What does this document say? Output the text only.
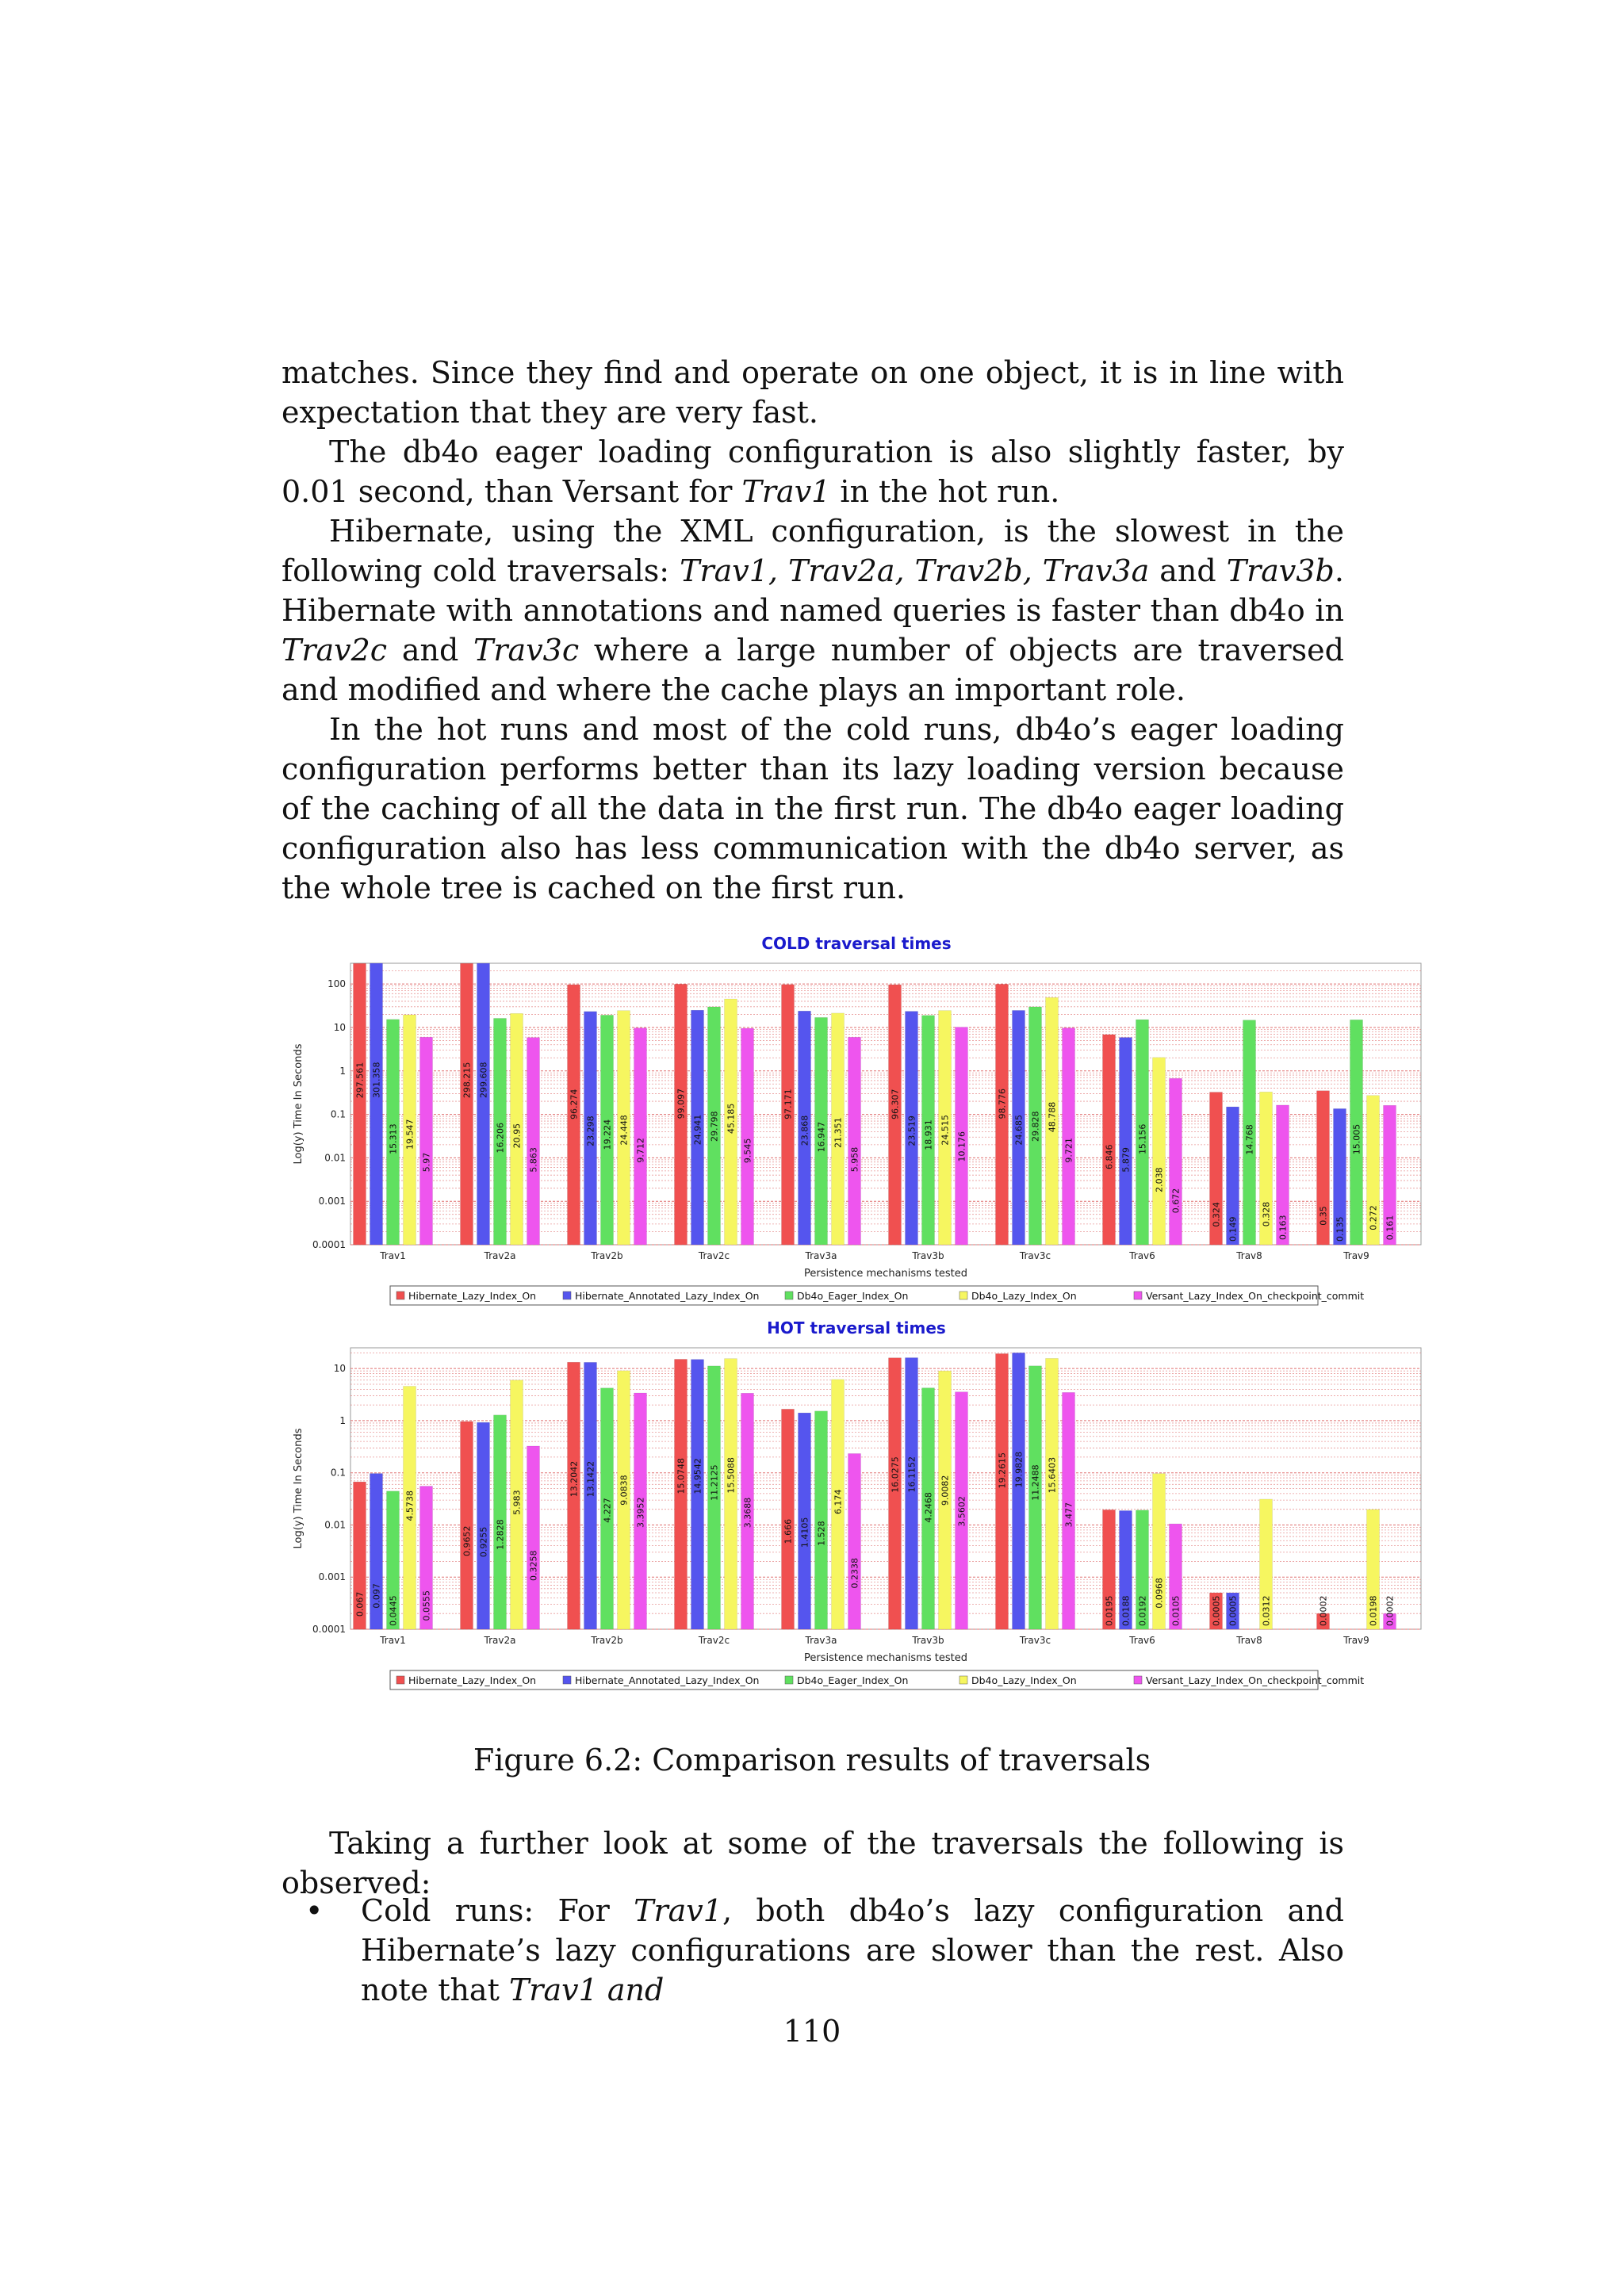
matches. Since they find and operate on one object, it is in line with expectation that they are very fast.

The db4o eager loading configuration is also slightly faster, by 0.01 second, than Versant for Trav1 in the hot run.

Hibernate, using the XML configuration, is the slowest in the following cold traversals: Trav1, Trav2a, Trav2b, Trav3a and Trav3b. Hibernate with annotations and named queries is faster than db4o in Trav2c and Trav3c where a large number of objects are traversed and modified and where the cache plays an important role.

In the hot runs and most of the cold runs, db4o’s eager loading configuration performs better than its lazy loading version because of the caching of all the data in the first run. The db4o eager loading configuration also has less communication with the db4o server, as the whole tree is cached on the first run.

COLD traversal times
100
10
1
0.1
0.01
0.001
0.0001
Log(y) Time In Seconds	297.561 301.358
15.313 19.547
5.97
Trav1
298.215 299.608
16.206 20.95
5.863
Trav2a
96.274
23.298 19.224 24.448
9.712
Trav2b
99.097
24.941 29.798 45.185
9.545
Trav2c
97.171
23.868 16.947 21.351
5.958
Trav3a
96.307
23.519 18.931 24.515
10.176
Trav3b
98.776
24.685 29.828 48.788
9.721
Trav3c
6.846 5.879
15.156
2.038
0.672
Trav6
0.324
0.149
14.768
0.328
0.163
Trav8
0.35
0.135
15.005
0.272 0.161
Trav9
Persistence mechanisms tested
Hibernate_Lazy_Index_On	Hibernate_Annotated_Lazy_Index_On	Db4o_Eager_Index_On	Db4o_Lazy_Index_On	Versant_Lazy_Index_On_checkpoint_commit
HOT traversal times
10
1
0.1
0.01
0.001
0.0001
Log(y) Time In Seconds
0.067 0.097 0.0445
4.5738
0.0555
Trav1
0.9652 0.9255 1.2828
5.983
0.3258
Trav2a
13.2042 13.1422
4.227
9.0838
3.3952
Trav2b
15.0748 14.9542 11.2125 15.5088
3.3688
Trav2c
1.666 1.4105 1.528
6.174
0.2338
Trav3a
16.0275 16.1152
4.2468
9.0082
3.5602
Trav3b
19.2615 19.9828 11.2488 15.6403
3.477
Trav3c
0.0195 0.0188 0.0192
0.0968
0.0105
Trav6
0.0005 0.0005	0.0312
Trav8
0.0002	0.0198 0.0002
Trav9
Persistence mechanisms tested
Hibernate_Lazy_Index_On	Hibernate_Annotated_Lazy_Index_On	Db4o_Eager_Index_On	Db4o_Lazy_Index_On	Versant_Lazy_Index_On_checkpoint_commit

Figure 6.2: Comparison results of traversals

Taking a further look at some of the traversals the following is observed:

•	Cold runs: For Trav1, both db4o’s lazy configuration and Hibernate’s lazy configurations are slower than the rest. Also note that Trav1 and

110
